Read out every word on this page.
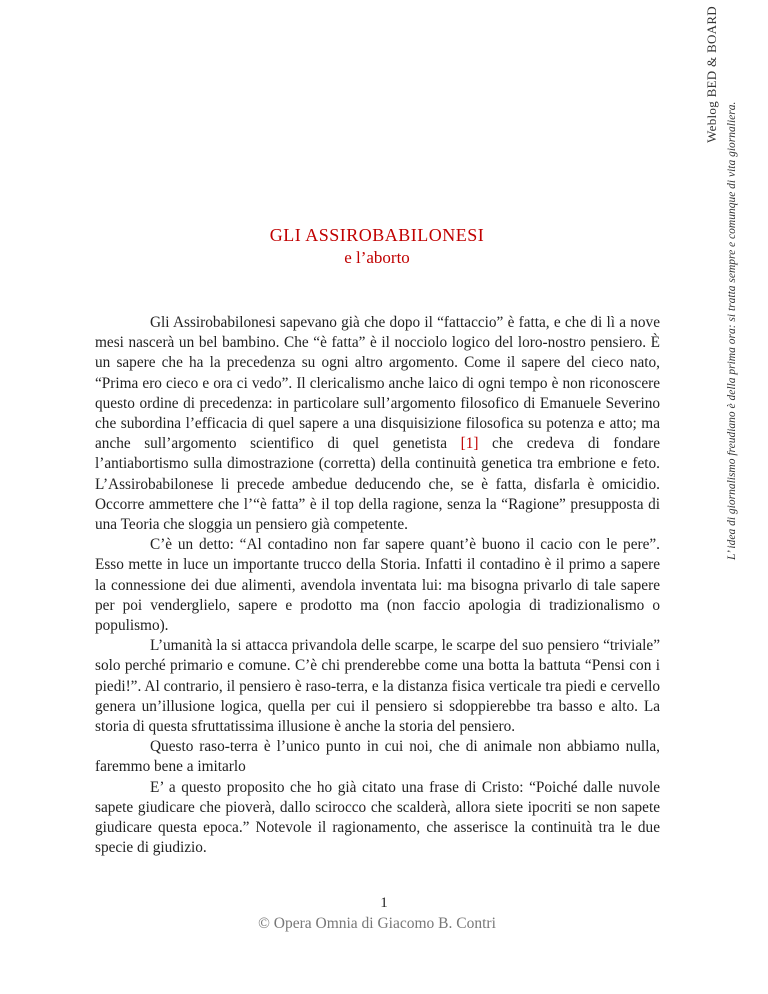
Weblog BED & BOARD
L’ idea di giornalismo freudiano è della prima ora: si tratta sempre e comunque di vita giornaliera.
GLI ASSIROBABILONESI
e l’aborto

Gli Assirobabilonesi sapevano già che dopo il “fattaccio” è fatta, e che di lì a nove mesi nascerà un bel bambino. Che “è fatta” è il nocciolo logico del loro-nostro pensiero. È un sapere che ha la precedenza su ogni altro argomento. Come il sapere del cieco nato, “Prima ero cieco e ora ci vedo”. Il clericalismo anche laico di ogni tempo è non riconoscere questo ordine di precedenza: in particolare sull’argomento filosofico di Emanuele Severino che subordina l’efficacia di quel sapere a una disquisizione filosofica su potenza e atto; ma anche sull’argomento scientifico di quel genetista [1] che credeva di fondare l’antiabortismo sulla dimostrazione (corretta) della continuità genetica tra embrione e feto. L’Assirobabilonese li precede ambedue deducendo che, se è fatta, disfarla è omicidio. Occorre ammettere che l’“è fatta” è il top della ragione, senza la “Ragione” presupposta di una Teoria che sloggia un pensiero già competente.

C’è un detto: “Al contadino non far sapere quant’è buono il cacio con le pere”. Esso mette in luce un importante trucco della Storia. Infatti il contadino è il primo a sapere la connessione dei due alimenti, avendola inventata lui: ma bisogna privarlo di tale sapere per poi venderglielo, sapere e prodotto ma (non faccio apologia di tradizionalismo o populismo).

L’umanità la si attacca privandola delle scarpe, le scarpe del suo pensiero “triviale” solo perché primario e comune. C’è chi prenderebbe come una botta la battuta “Pensi con i piedi!”. Al contrario, il pensiero è raso-terra, e la distanza fisica verticale tra piedi e cervello genera un’illusione logica, quella per cui il pensiero si sdoppierebbe tra basso e alto. La storia di questa sfruttatissima illusione è anche la storia del pensiero.

Questo raso-terra è l’unico punto in cui noi, che di animale non abbiamo nulla, faremmo bene a imitarlo

E’ a questo proposito che ho già citato una frase di Cristo: “Poiché dalle nuvole sapete giudicare che pioverà, dallo scirocco che scalderà, allora siete ipocriti se non sapete giudicare questa epoca.” Notevole il ragionamento, che asserisce la continuità tra le due specie di giudizio.

1
© Opera Omnia di Giacomo B. Contri
